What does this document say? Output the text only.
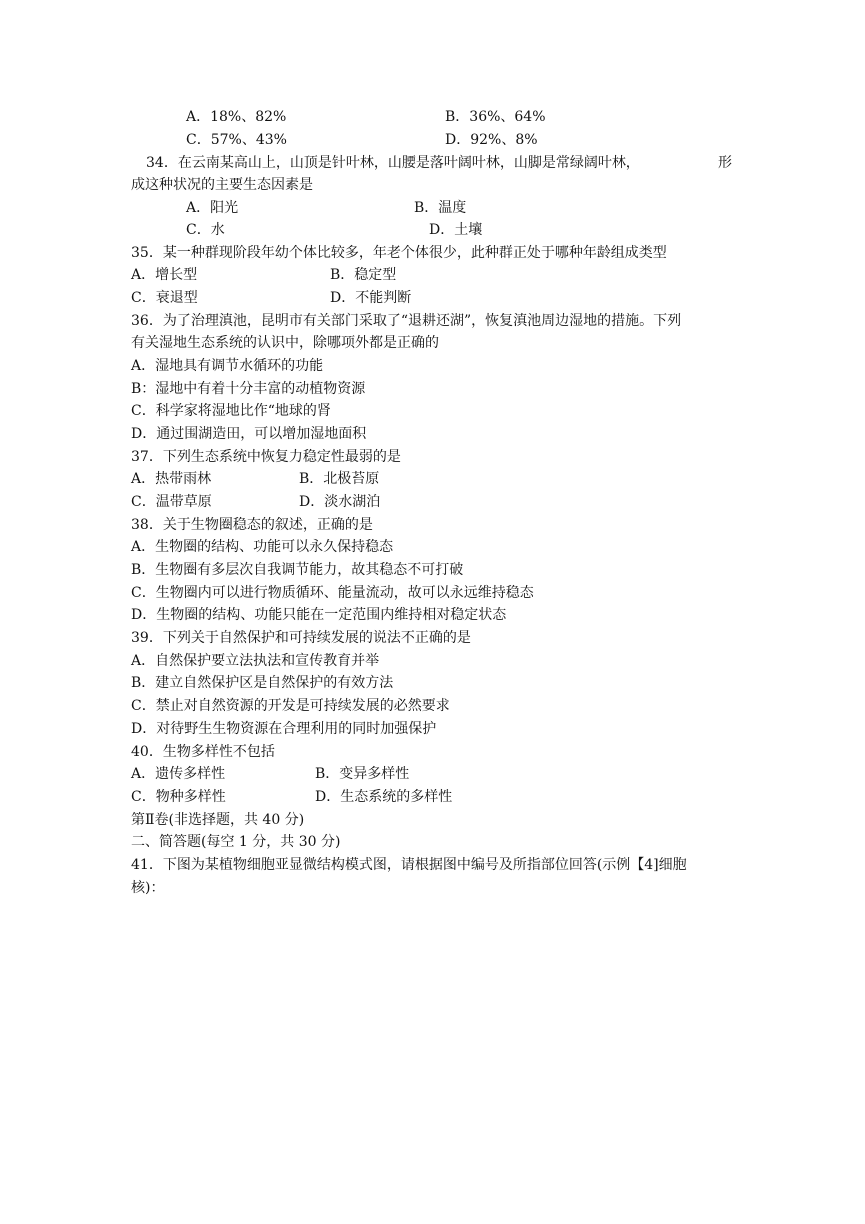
A．18%、82%	B．36%、64%
C．57%、43%	D．92%、8%
34．在云南某高山上，山顶是针叶林，山腰是落叶阔叶林，山脚是常绿阔叶林，	形
成这种状况的主要生态因素是
A．阳光	B．温度
C．水	D．土壤
35．某一种群现阶段年幼个体比较多，年老个体很少，此种群正处于哪种年龄组成类型
A．增长型	B．稳定型
C．衰退型	D．不能判断
36．为了治理滇池，昆明市有关部门采取了“退耕还湖”，恢复滇池周边湿地的措施。下列
有关湿地生态系统的认识中，除哪项外都是正确的
A．湿地具有调节水循环的功能
B：湿地中有着十分丰富的动植物资源
C．科学家将湿地比作“地球的肾
D．通过围湖造田，可以增加湿地面积
37．下列生态系统中恢复力稳定性最弱的是
A．热带雨林	B．北极苔原
C．温带草原	D．淡水湖泊
38．关于生物圈稳态的叙述，正确的是
A．生物圈的结构、功能可以永久保持稳态
B．生物圈有多层次自我调节能力，故其稳态不可打破
C．生物圈内可以进行物质循环、能量流动，故可以永远维持稳态
D．生物圈的结构、功能只能在一定范围内维持相对稳定状态
39．下列关于自然保护和可持续发展的说法不正确的是
A．自然保护要立法执法和宣传教育并举
B．建立自然保护区是自然保护的有效方法
C．禁止对自然资源的开发是可持续发展的必然要求
D．对待野生生物资源在合理利用的同时加强保护
40．生物多样性不包括
A．遗传多样性	B．变异多样性
C．物种多样性	D．生态系统的多样性
第Ⅱ卷(非选择题，共 40 分)
二、简答题(每空 1 分，共 30 分)
41．下图为某植物细胞亚显微结构模式图，请根据图中编号及所指部位回答(示例【4]细胞
核)：
